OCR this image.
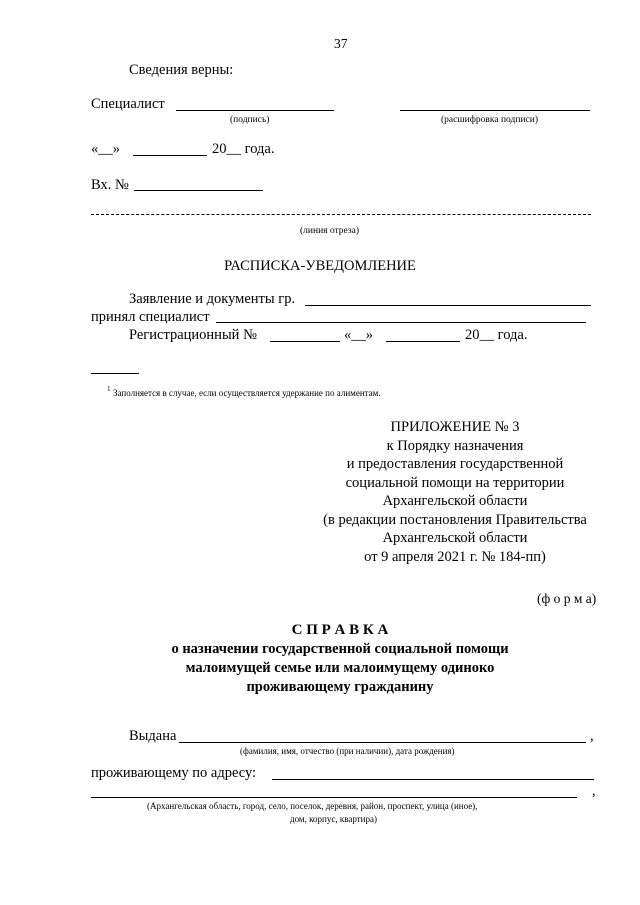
37
Сведения верны:
Специалист
(подпись)	(расшифровка подписи)
«__»	20__ года.
Вх. №
(линия отреза)
РАСПИСКА-УВЕДОМЛЕНИЕ
Заявление и документы гр.
принял специалист
Регистрационный №	«__»	20__ года.
1 Заполняется в случае, если осуществляется удержание по алиментам.
ПРИЛОЖЕНИЕ № 3
к Порядку назначения
и предоставления государственной
социальной помощи на территории
Архангельской области
(в редакции постановления Правительства
Архангельской области
от 9 апреля 2021 г. № 184-пп)
(ф о р м а)
С П Р А В К А
о назначении государственной социальной помощи
малоимущей семье или малоимущему одиноко
проживающему гражданину
Выдана	,
(фамилия, имя, отчество (при наличии), дата рождения)
проживающему по адресу:
,
(Архангельская область, город, село, поселок, деревня, район, проспект, улица (иное),
дом, корпус, квартира)
